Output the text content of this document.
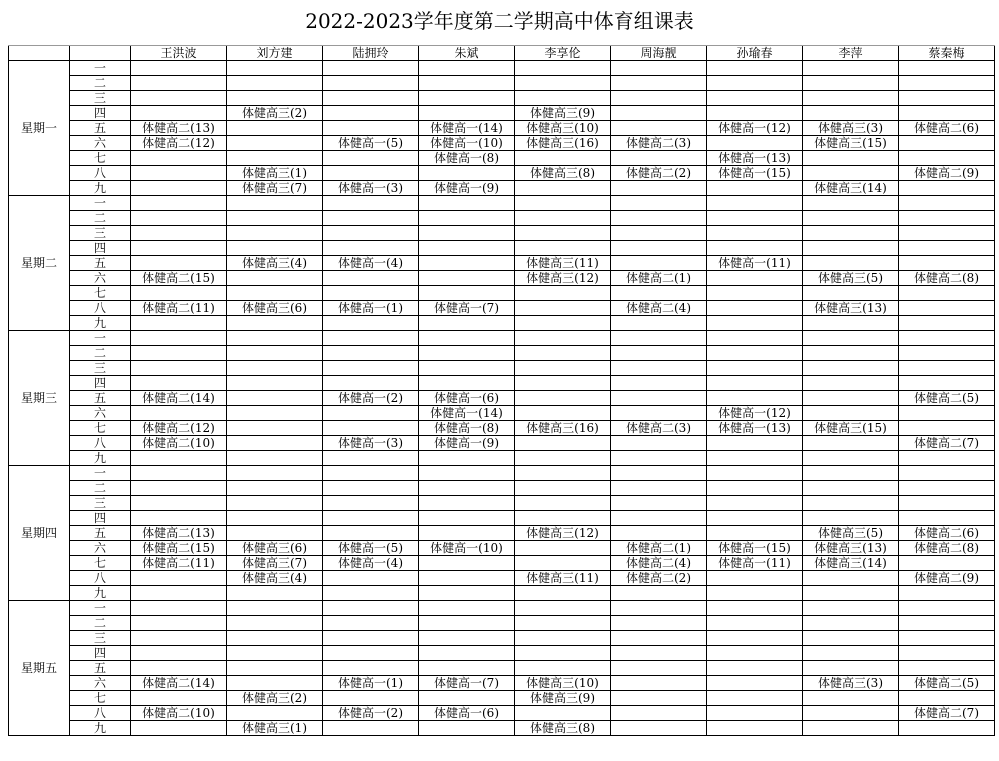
2022-2023学年度第二学期高中体育组课表

		王洪波	刘方建	陆拥玲	朱斌	李享伦	周海靓	孙瑜春	李萍	蔡秦梅
星期一	一									
	二									
	三									
	四		体健高三(2)			体健高三(9)				
	五	体健高二(13)			体健高一(14)	体健高三(10)		体健高一(12)	体健高三(3)	体健高二(6)
	六	体健高二(12)		体健高一(5)	体健高一(10)	体健高三(16)	体健高二(3)		体健高三(15)	
	七				体健高一(8)			体健高一(13)		
	八		体健高三(1)			体健高三(8)	体健高二(2)	体健高一(15)		体健高二(9)
	九		体健高三(7)	体健高一(3)	体健高一(9)				体健高三(14)	
星期二	一									
	二									
	三									
	四									
	五		体健高三(4)	体健高一(4)		体健高三(11)		体健高一(11)		
	六	体健高二(15)				体健高三(12)	体健高二(1)		体健高三(5)	体健高二(8)
	七									
	八	体健高二(11)	体健高三(6)	体健高一(1)	体健高一(7)		体健高二(4)		体健高三(13)	
	九									
星期三	一									
	二									
	三									
	四									
	五	体健高二(14)		体健高一(2)	体健高一(6)					体健高二(5)
	六				体健高一(14)			体健高一(12)		
	七	体健高二(12)			体健高一(8)	体健高三(16)	体健高二(3)	体健高一(13)	体健高三(15)	
	八	体健高二(10)		体健高一(3)	体健高一(9)					体健高二(7)
	九									
星期四	一									
	二									
	三									
	四									
	五	体健高二(13)				体健高三(12)			体健高三(5)	体健高二(6)
	六	体健高二(15)	体健高三(6)	体健高一(5)	体健高一(10)		体健高二(1)	体健高一(15)	体健高三(13)	体健高二(8)
	七	体健高二(11)	体健高三(7)	体健高一(4)			体健高二(4)	体健高一(11)	体健高三(14)	
	八		体健高三(4)			体健高三(11)	体健高二(2)			体健高二(9)
	九									
星期五	一									
	二									
	三									
	四									
	五									
	六	体健高二(14)		体健高一(1)	体健高一(7)	体健高三(10)			体健高三(3)	体健高二(5)
	七		体健高三(2)			体健高三(9)				
	八	体健高二(10)		体健高一(2)	体健高一(6)					体健高二(7)
	九		体健高三(1)			体健高三(8)				
